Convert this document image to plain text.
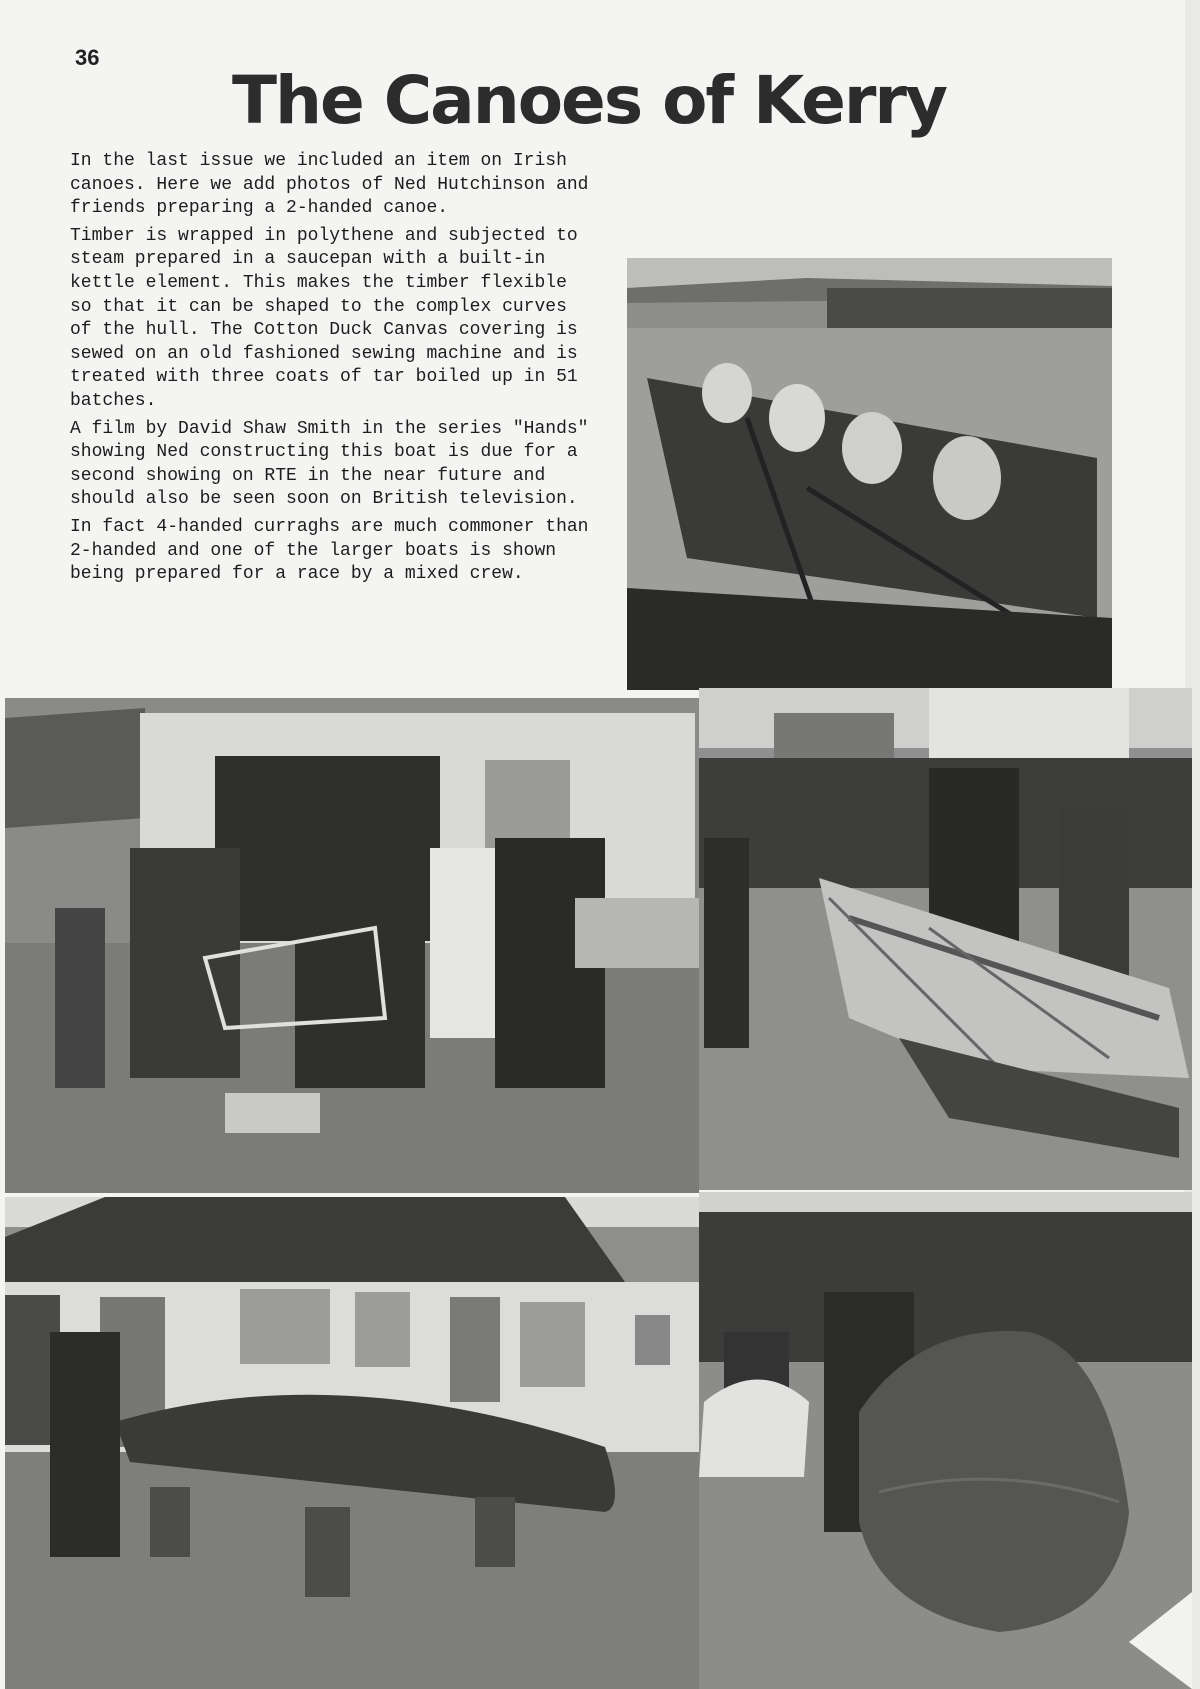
36
The Canoes of Kerry

In the last issue we included an item on Irish canoes. Here we add photos of Ned Hutchinson and friends preparing a 2-handed canoe.

Timber is wrapped in polythene and subjected to steam prepared in a saucepan with a built-in kettle element. This makes the timber flexible so that it can be shaped to the complex curves of the hull. The Cotton Duck Canvas covering is sewed on an old fashioned sewing machine and is treated with three coats of tar boiled up in 51 batches.

A film by David Shaw Smith in the series "Hands" showing Ned constructing this boat is due for a second showing on RTE in the near future and should also be seen soon on British television.

In fact 4-handed curraghs are much commoner than 2-handed and one of the larger boats is shown being prepared for a race by a mixed crew.
